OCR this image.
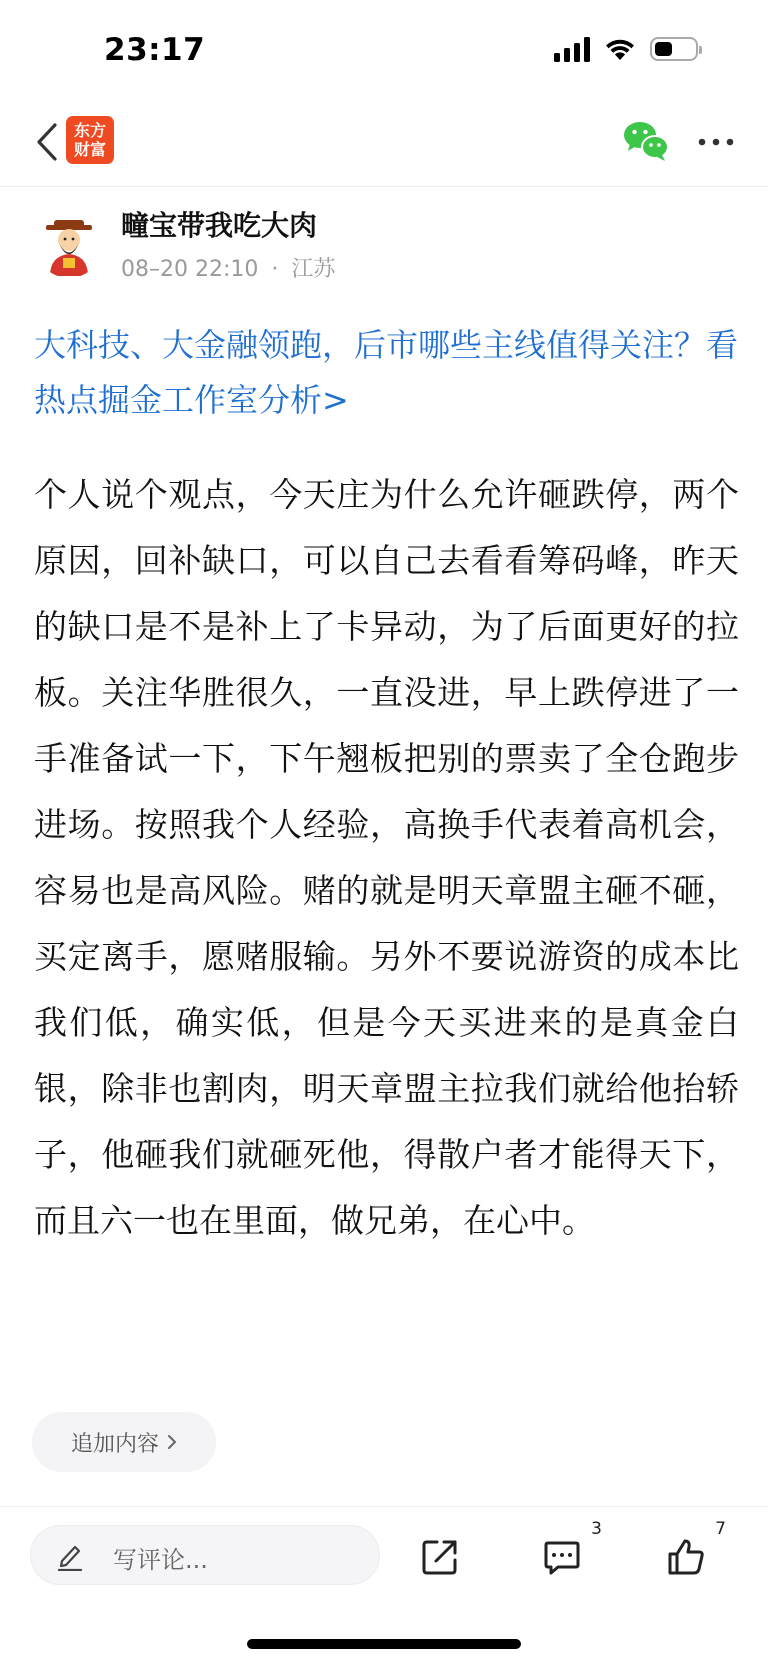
23:17
东方
财富
疃宝带我吃大肉
08–20 22:10 · 江苏
大科技、大金融领跑，后市哪些主线值得关注？看热点掘金工作室分析>
个人说个观点，今天庄为什么允许砸跌停，两个原因，回补缺口，可以自己去看看筹码峰，昨天的缺口是不是补上了卡异动，为了后面更好的拉板。关注华胜很久，一直没进，早上跌停进了一手准备试一下，下午翘板把别的票卖了全仓跑步进场。按照我个人经验，高换手代表着高机会，容易也是高风险。赌的就是明天章盟主砸不砸，买定离手，愿赌服输。另外不要说游资的成本比我们低，确实低，但是今天买进来的是真金白银，除非也割肉，明天章盟主拉我们就给他抬轿子，他砸我们就砸死他，得散户者才能得天下，而且六一也在里面，做兄弟，在心中。
追加内容
写评论...
3	7
